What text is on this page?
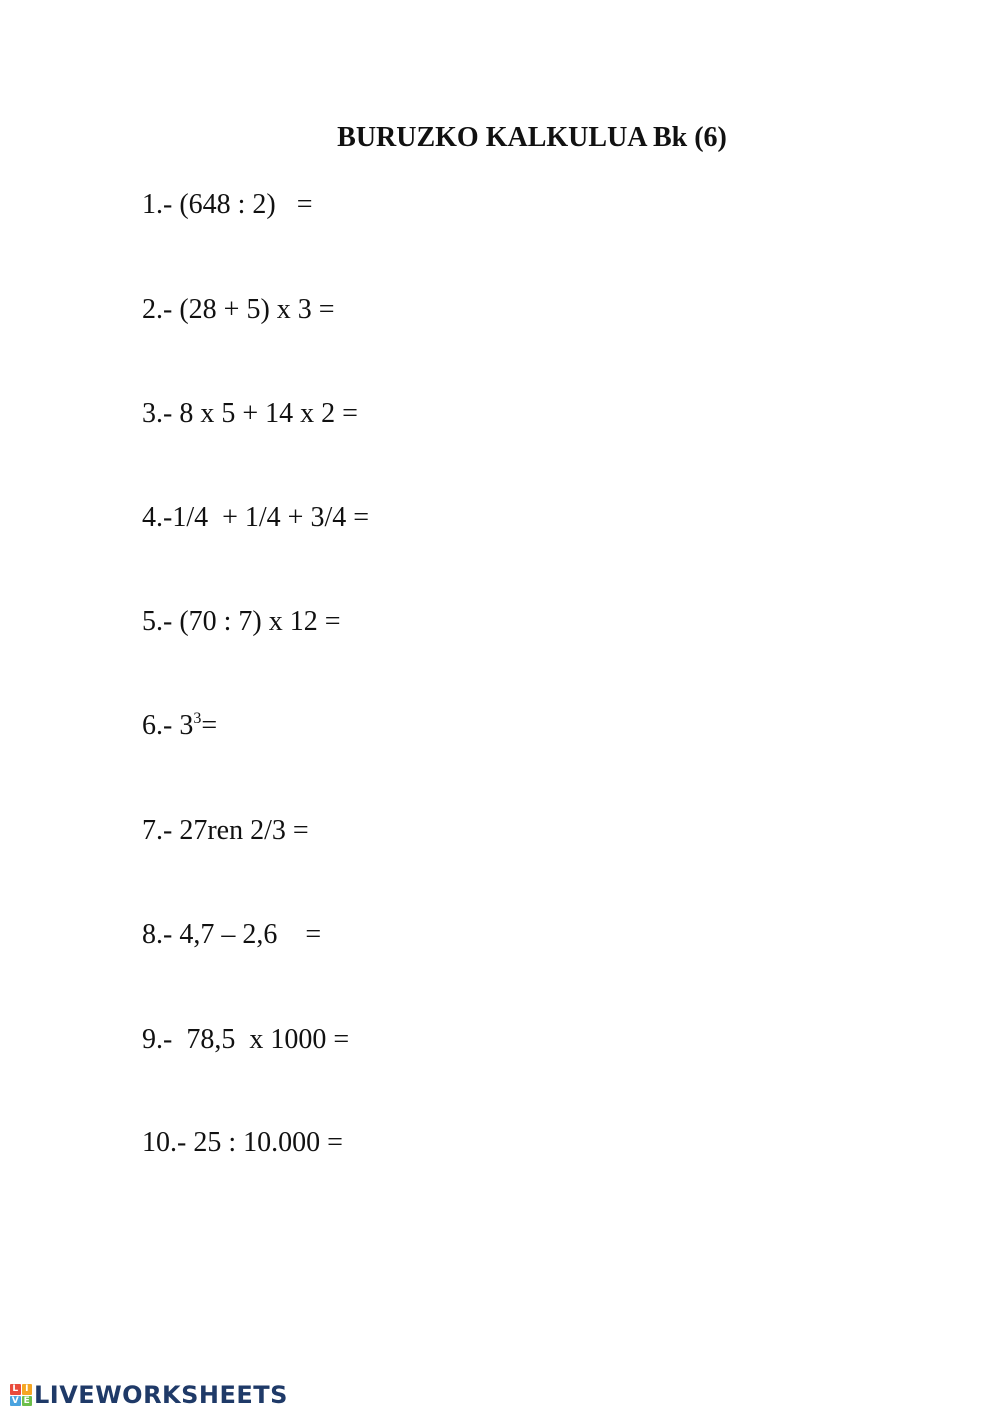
BURUZKO KALKULUA Bk (6)
1.- (648 : 2)   =
2.- (28 + 5) x 3 =
3.- 8 x 5 + 14 x 2 =
4.-1/4  + 1/4 + 3/4 =
5.- (70 : 7) x 12 =
6.- $3^3=$
7.- 27ren 2/3 =
8.- 4,7 – 2,6    =
9.-  78,5  x 1000 =
10.- 25 : 10.000 =
L I
V E LIVEWORKSHEETS
